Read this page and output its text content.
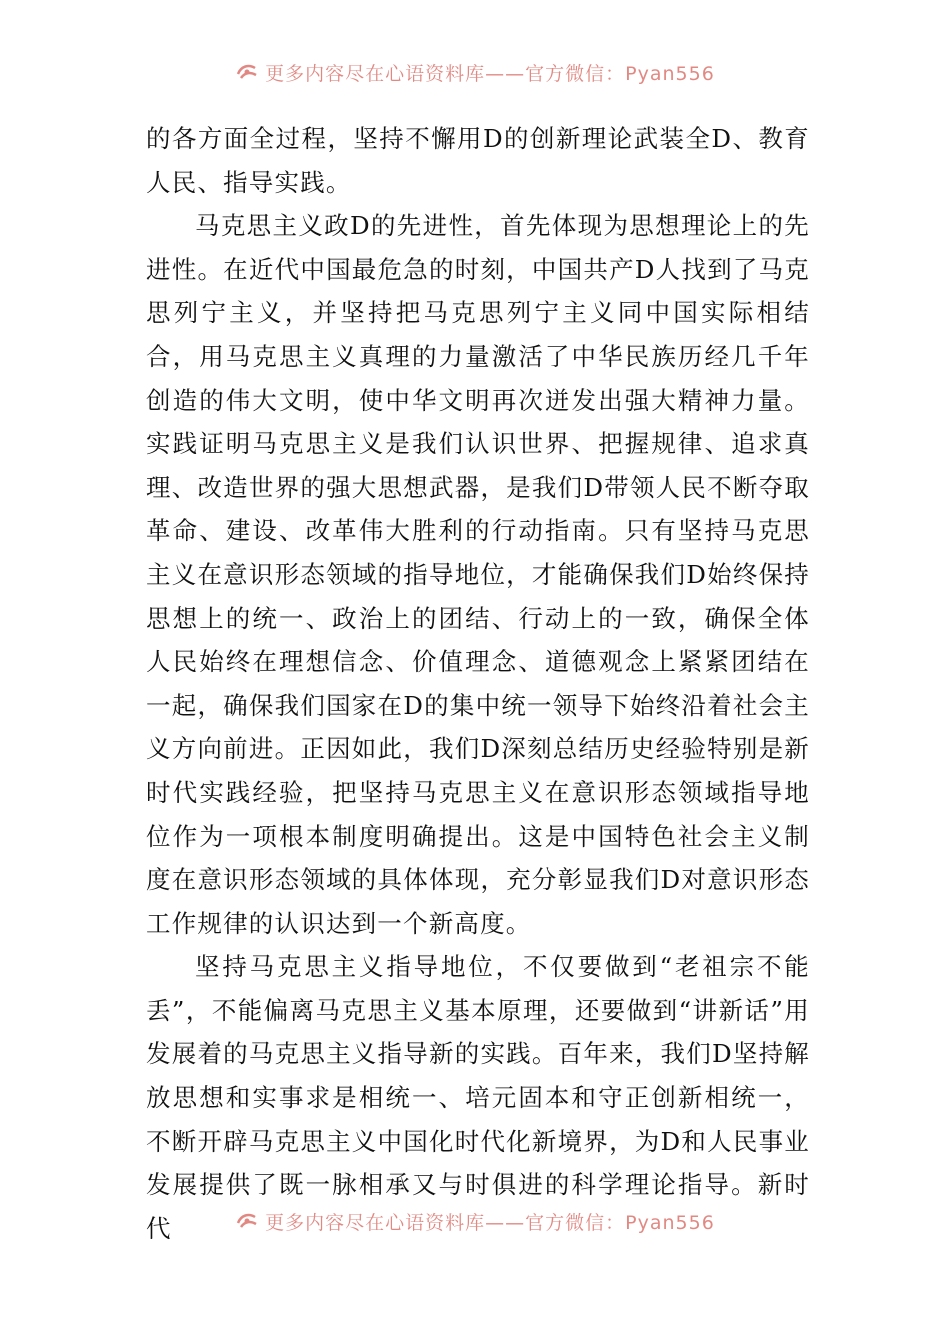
更多内容尽在心语资料库——官方微信：Pyan556

的各方面全过程，坚持不懈用D的创新理论武装全D、教育人民、指导实践。

马克思主义政D的先进性，首先体现为思想理论上的先进性。在近代中国最危急的时刻，中国共产D人找到了马克思列宁主义，并坚持把马克思列宁主义同中国实际相结合，用马克思主义真理的力量激活了中华民族历经几千年创造的伟大文明，使中华文明再次迸发出强大精神力量。实践证明马克思主义是我们认识世界、把握规律、追求真理、改造世界的强大思想武器，是我们D带领人民不断夺取革命、建设、改革伟大胜利的行动指南。只有坚持马克思主义在意识形态领域的指导地位，才能确保我们D始终保持思想上的统一、政治上的团结、行动上的一致，确保全体人民始终在理想信念、价值理念、道德观念上紧紧团结在一起，确保我们国家在D的集中统一领导下始终沿着社会主义方向前进。正因如此，我们D深刻总结历史经验特别是新时代实践经验，把坚持马克思主义在意识形态领域指导地位作为一项根本制度明确提出。这是中国特色社会主义制度在意识形态领域的具体体现，充分彰显我们D对意识形态工作规律的认识达到一个新高度。

坚持马克思主义指导地位，不仅要做到“老祖宗不能丢”，不能偏离马克思主义基本原理，还要做到“讲新话”用发展着的马克思主义指导新的实践。百年来，我们D坚持解放思想和实事求是相统一、培元固本和守正创新相统一，不断开辟马克思主义中国化时代化新境界，为D和人民事业发展提供了既一脉相承又与时俱进的科学理论指导。新时代	更多内容尽在心语资料库——官方微信：Pyan556
